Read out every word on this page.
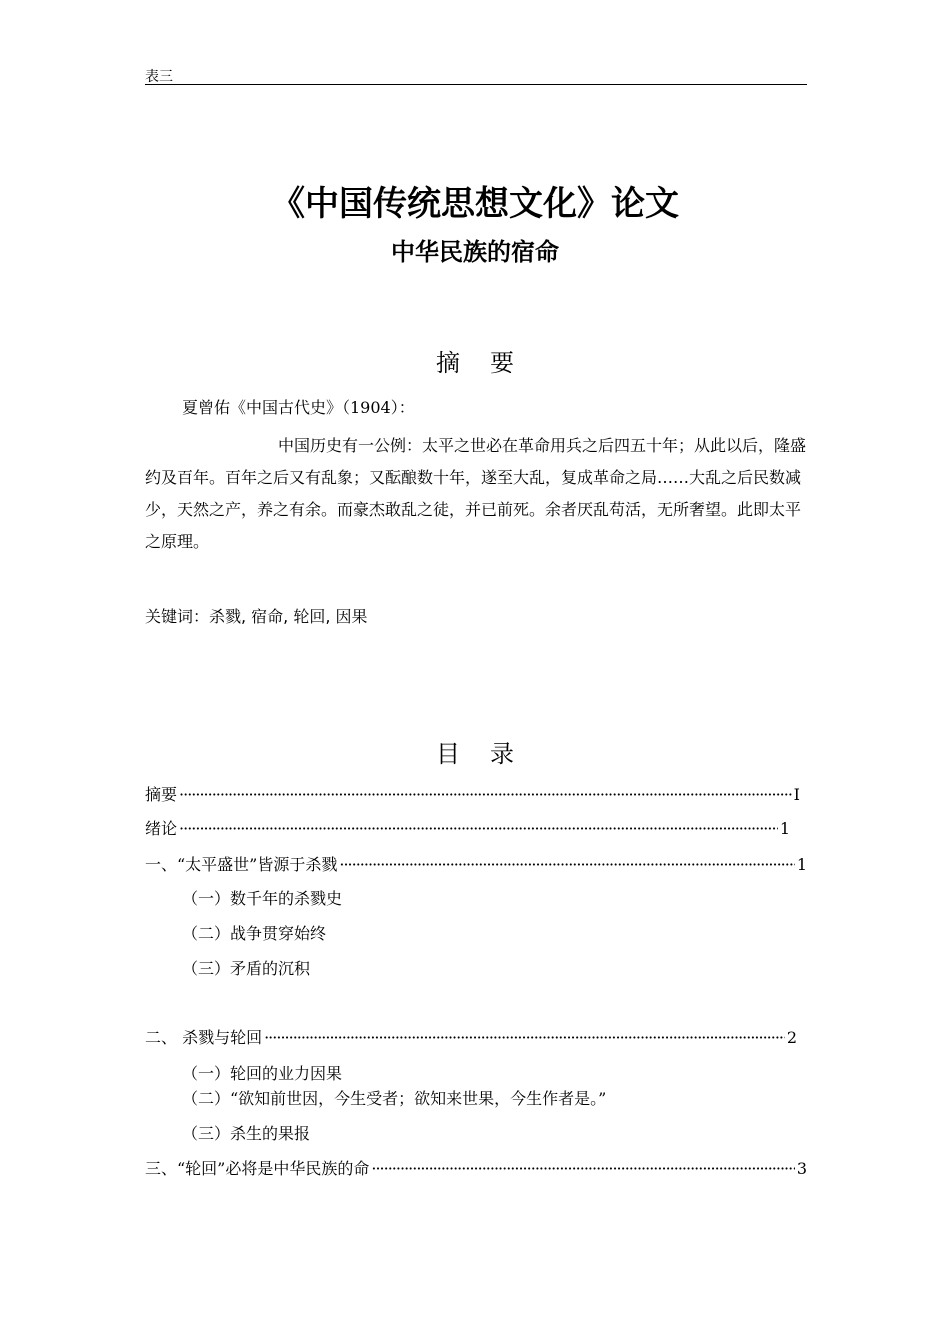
表三
《中国传统思想文化》论文
中华民族的宿命
摘要
夏曾佑《中国古代史》（1904）：
中国历史有一公例：太平之世必在革命用兵之后四五十年；从此以后，隆盛约及百年。百年之后又有乱象；又酝酿数十年，遂至大乱，复成革命之局……大乱之后民数减少，天然之产，养之有余。而豪杰敢乱之徒，并已前死。余者厌乱苟活，无所奢望。此即太平之原理。
关键词：杀戮, 宿命, 轮回, 因果
目录
摘要 ·····	I
绪论 ·····	1
一、“太平盛世”皆源于杀戮 ·····	1
（一）数千年的杀戮史
（二）战争贯穿始终
（三）矛盾的沉积
二、 杀戮与轮回 ·····	2
（一）轮回的业力因果
（二）“欲知前世因，今生受者；欲知来世果，今生作者是。”
（三）杀生的果报
三、“轮回”必将是中华民族的命 ·····	3
